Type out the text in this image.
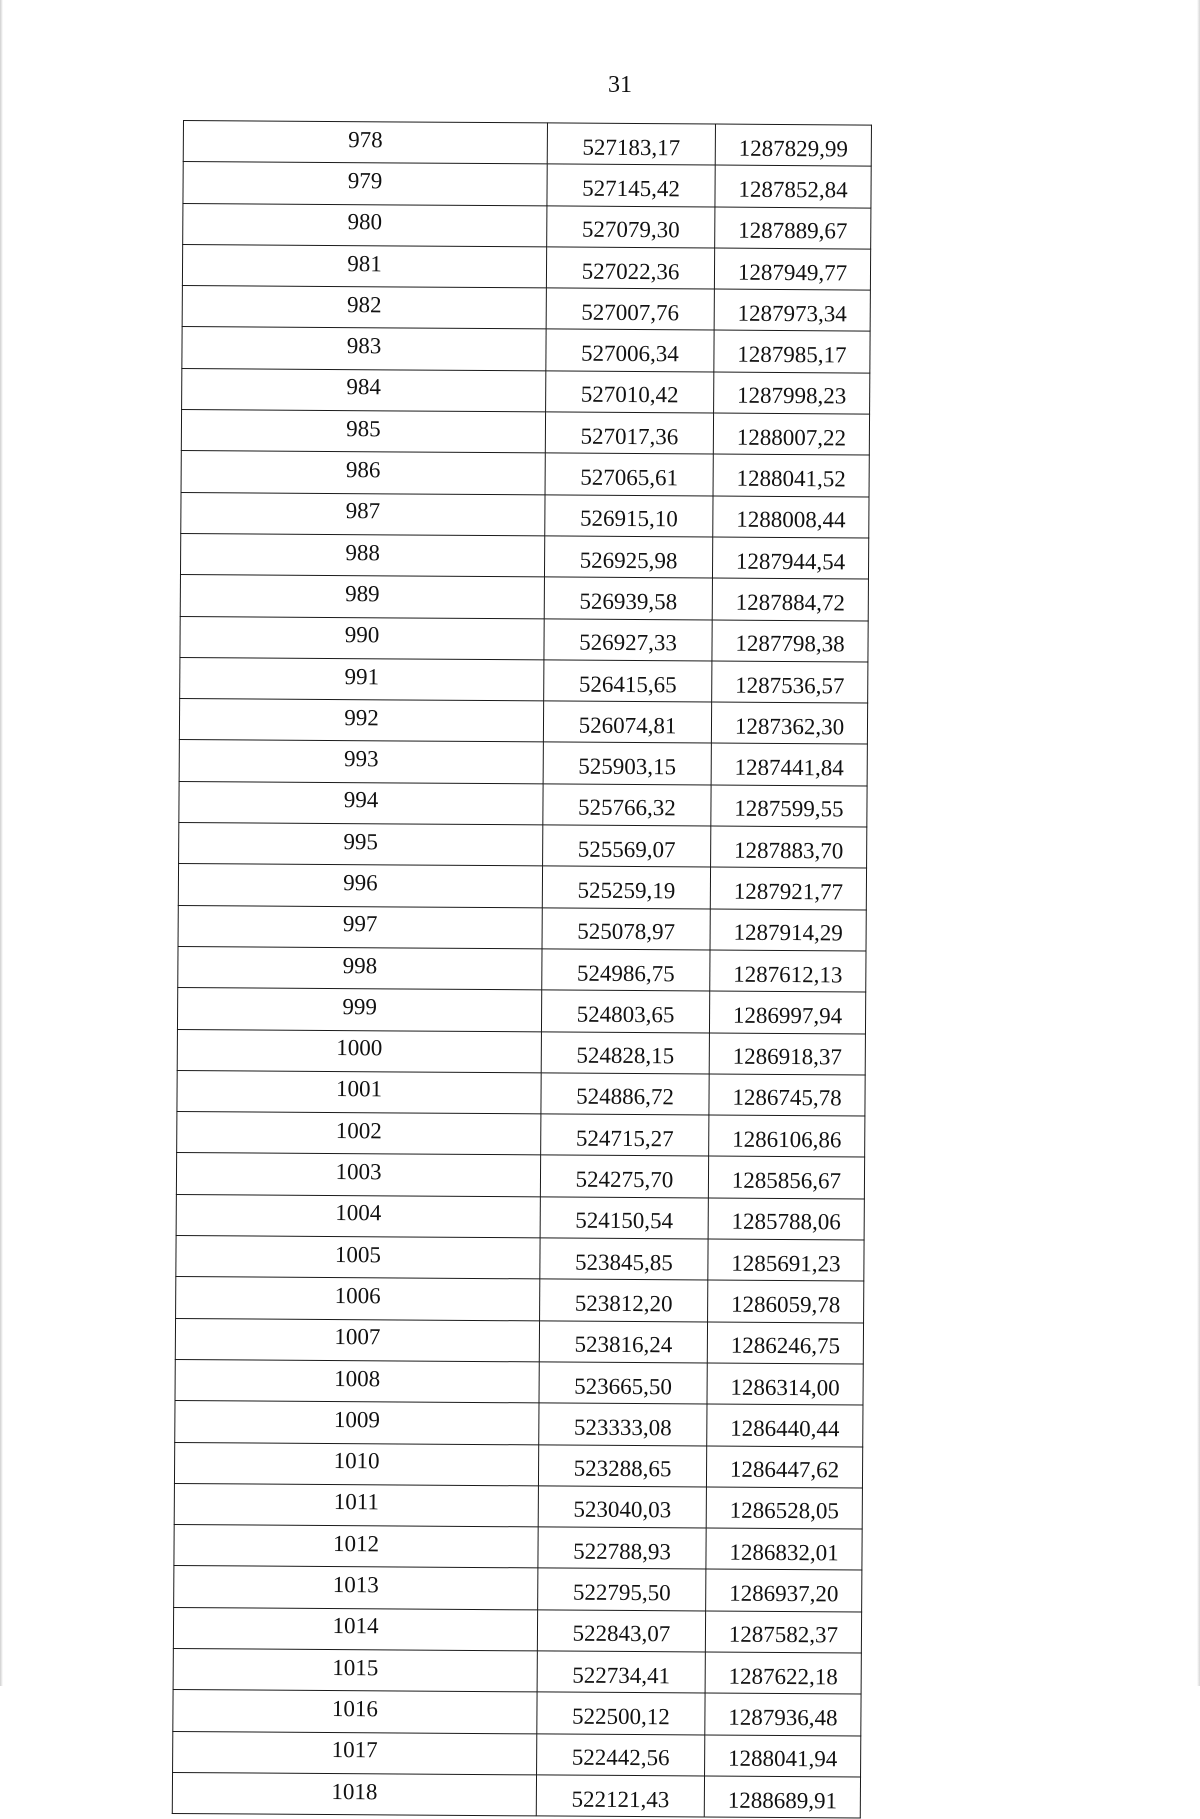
31
978	527183,17	1287829,99
979	527145,42	1287852,84
980	527079,30	1287889,67
981	527022,36	1287949,77
982	527007,76	1287973,34
983	527006,34	1287985,17
984	527010,42	1287998,23
985	527017,36	1288007,22
986	527065,61	1288041,52
987	526915,10	1288008,44
988	526925,98	1287944,54
989	526939,58	1287884,72
990	526927,33	1287798,38
991	526415,65	1287536,57
992	526074,81	1287362,30
993	525903,15	1287441,84
994	525766,32	1287599,55
995	525569,07	1287883,70
996	525259,19	1287921,77
997	525078,97	1287914,29
998	524986,75	1287612,13
999	524803,65	1286997,94
1000	524828,15	1286918,37
1001	524886,72	1286745,78
1002	524715,27	1286106,86
1003	524275,70	1285856,67
1004	524150,54	1285788,06
1005	523845,85	1285691,23
1006	523812,20	1286059,78
1007	523816,24	1286246,75
1008	523665,50	1286314,00
1009	523333,08	1286440,44
1010	523288,65	1286447,62
1011	523040,03	1286528,05
1012	522788,93	1286832,01
1013	522795,50	1286937,20
1014	522843,07	1287582,37
1015	522734,41	1287622,18
1016	522500,12	1287936,48
1017	522442,56	1288041,94
1018	522121,43	1288689,91
